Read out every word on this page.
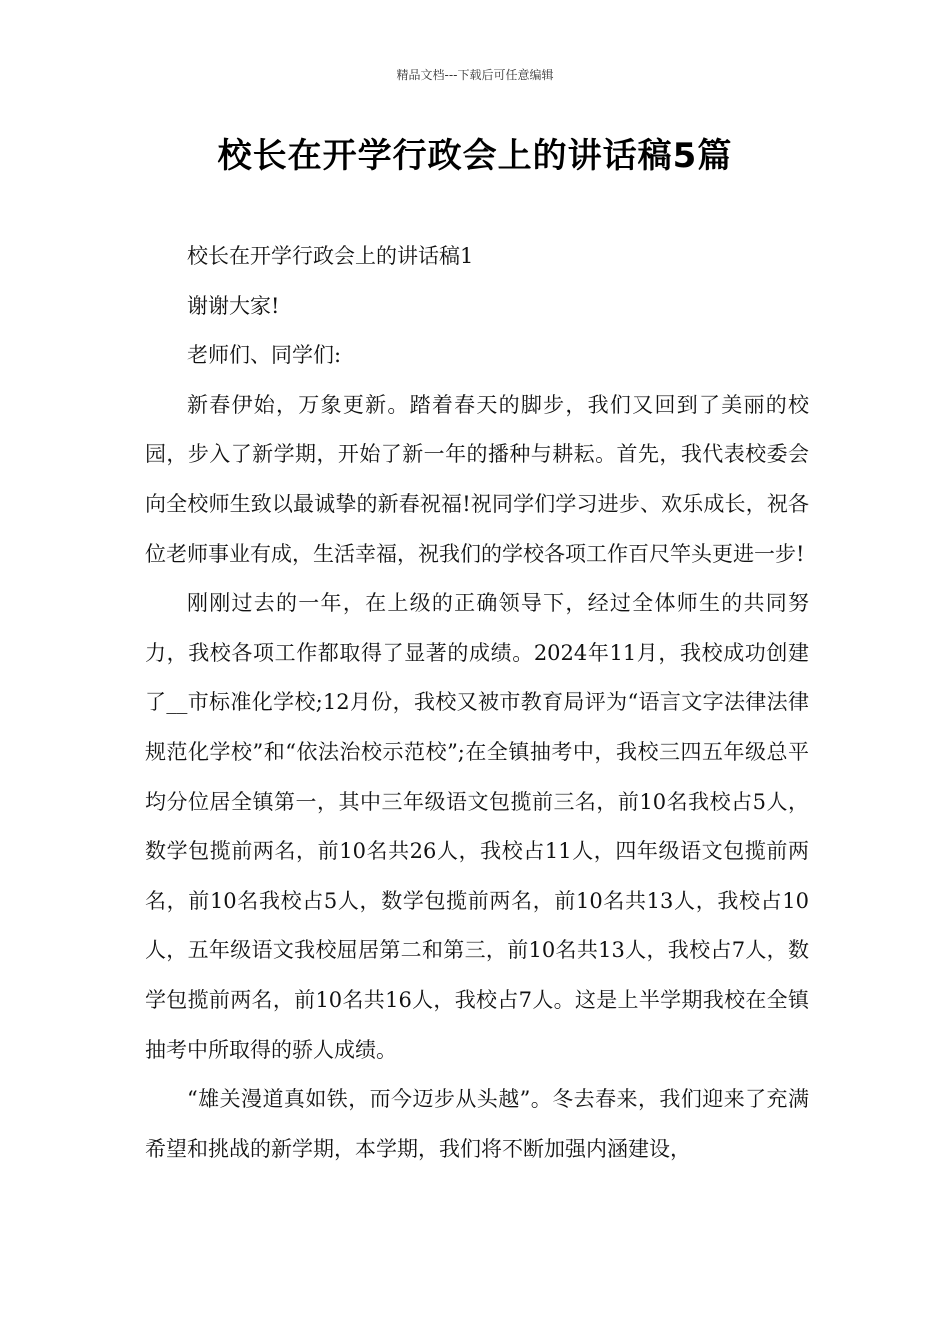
精品文档---下载后可任意编辑
校长在开学行政会上的讲话稿5篇

校长在开学行政会上的讲话稿1

谢谢大家!

老师们、同学们:

新春伊始，万象更新。踏着春天的脚步，我们又回到了美丽的校园，步入了新学期，开始了新一年的播种与耕耘。首先，我代表校委会向全校师生致以最诚挚的新春祝福!祝同学们学习进步、欢乐成长，祝各位老师事业有成，生活幸福，祝我们的学校各项工作百尺竿头更进一步!

刚刚过去的一年，在上级的正确领导下，经过全体师生的共同努力，我校各项工作都取得了显著的成绩。2024年11月，我校成功创建了__市标准化学校;12月份，我校又被市教育局评为“语言文字法律法律规范化学校”和“依法治校示范校”;在全镇抽考中，我校三四五年级总平均分位居全镇第一，其中三年级语文包揽前三名，前10名我校占5人，数学包揽前两名，前10名共26人，我校占11人，四年级语文包揽前两名，前10名我校占5人，数学包揽前两名，前10名共13人，我校占10人，五年级语文我校屈居第二和第三，前10名共13人，我校占7人，数学包揽前两名，前10名共16人，我校占7人。这是上半学期我校在全镇抽考中所取得的骄人成绩。

“雄关漫道真如铁，而今迈步从头越”。冬去春来，我们迎来了充满希望和挑战的新学期，本学期，我们将不断加强内涵建设，
